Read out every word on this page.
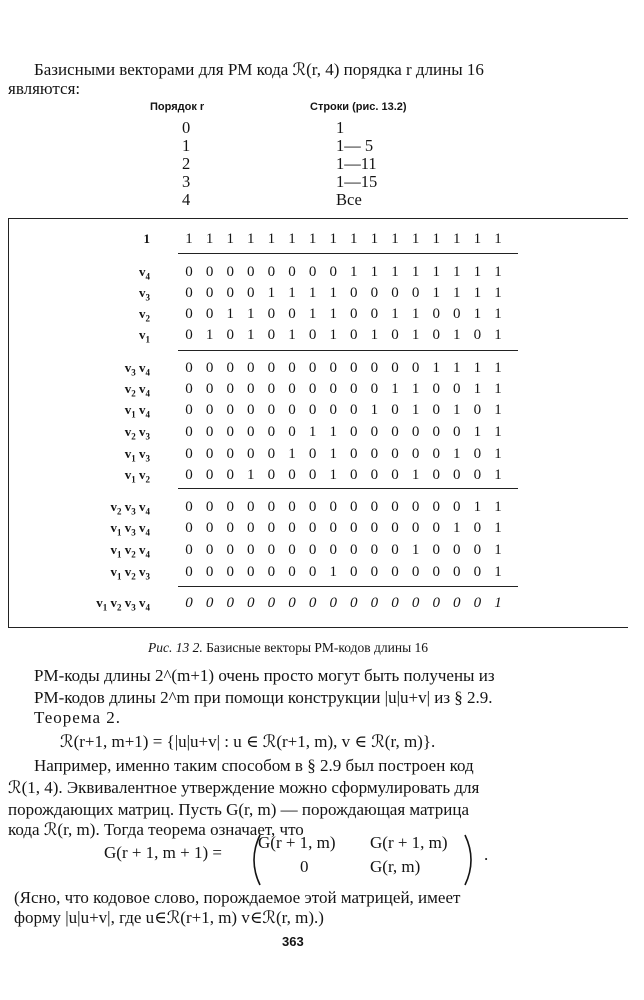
Базисными векторами для РМ кода ℛ(r, 4) порядка r длины 16
являются:
Порядок r	Строки (рис. 13.2)
0	1
1	1— 5
2	1—11
3	1—15
4	Все
1	1 1 1 1 1 1 1 1 1 1 1 1 1 1 1 1
$v_4$	0 0 0 0 0 0 0 0 1 1 1 1 1 1 1 1
$v_3$	0 0 0 0 1 1 1 1 0 0 0 0 1 1 1 1
$v_2$	0 0 1 1 0 0 1 1 0 0 1 1 0 0 1 1
$v_1$	0 1 0 1 0 1 0 1 0 1 0 1 0 1 0 1
$v_3$ $v_4$	0 0 0 0 0 0 0 0 0 0 0 0 1 1 1 1
$v_2$ $v_4$	0 0 0 0 0 0 0 0 0 0 1 1 0 0 1 1
$v_1$ $v_4$	0 0 0 0 0 0 0 0 0 1 0 1 0 1 0 1
$v_2$ $v_3$	0 0 0 0 0 0 1 1 0 0 0 0 0 0 1 1
$v_1$ $v_3$	0 0 0 0 0 1 0 1 0 0 0 0 0 1 0 1
$v_1$ $v_2$	0 0 0 1 0 0 0 1 0 0 0 1 0 0 0 1
$v_2$ $v_3$ $v_4$	0 0 0 0 0 0 0 0 0 0 0 0 0 0 1 1
$v_1$ $v_3$ $v_4$	0 0 0 0 0 0 0 0 0 0 0 0 0 1 0 1
$v_1$ $v_2$ $v_4$	0 0 0 0 0 0 0 0 0 0 0 1 0 0 0 1
$v_1$ $v_2$ $v_3$	0 0 0 0 0 0 0 1 0 0 0 0 0 0 0 1
$v_1$ $v_2$ $v_3$ $v_4$	0 0 0 0 0 0 0 0 0 0 0 0 0 0 0 1
Рис. 13 2. Базисные векторы РМ-кодов длины 16
РМ-коды длины 2^(m+1) очень просто могут быть получены из
РМ-кодов длины 2^m при помощи конструкции |u|u+v| из § 2.9.
Теорема 2.
ℛ(r+1, m+1) = {|u|u+v| : u ∈ ℛ(r+1, m), v ∈ ℛ(r, m)}.
Например, именно таким способом в § 2.9 был построен код
ℛ(1, 4). Эквивалентное утверждение можно сформулировать для
порождающих матриц. Пусть G(r, m) — порождающая матрица
кода ℛ(r, m). Тогда теорема означает, что
G(r + 1, m + 1) =
G(r + 1, m) G(r + 1, m)
0	G(r, m)
.
(Ясно, что кодовое слово, порождаемое этой матрицей, имеет
форму |u|u+v|, где u∈ℛ(r+1, m) v∈ℛ(r, m).)
363
